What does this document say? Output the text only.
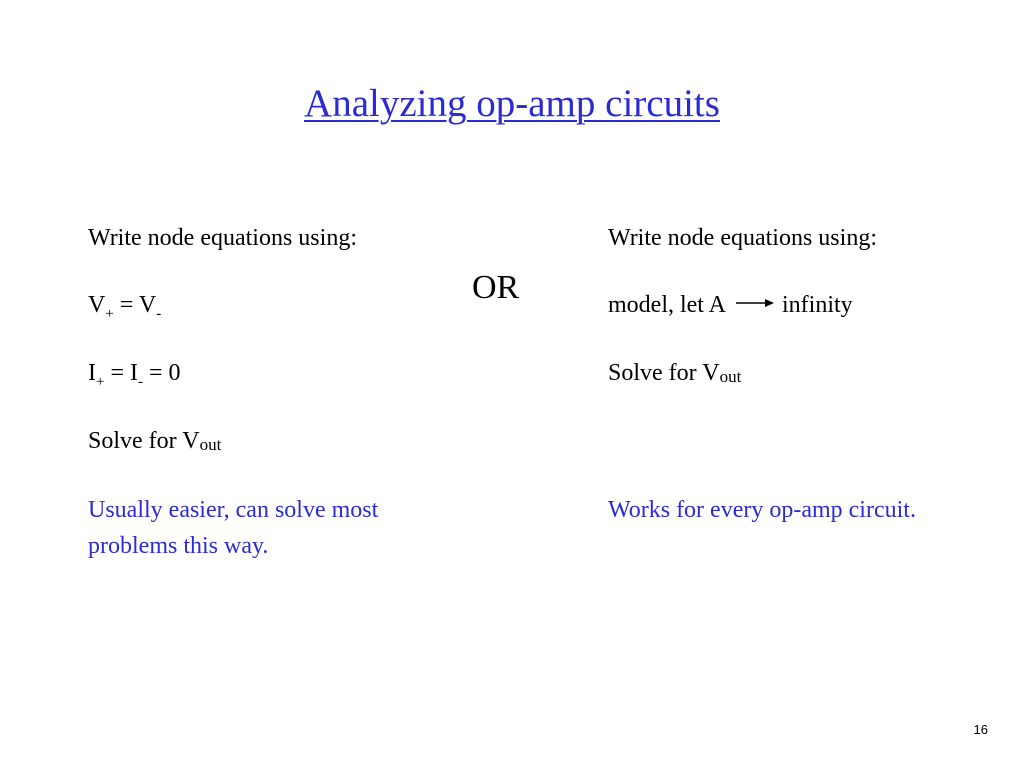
Analyzing op-amp circuits
Write node equations using:
$V_+ = V_-$
$I_+ = I_- = 0$
Solve for Vout
Usually easier, can solve most
problems this way.
OR
Write node equations using:
model, let A infinity
Solve for Vout
Works for every op-amp circuit.
16
